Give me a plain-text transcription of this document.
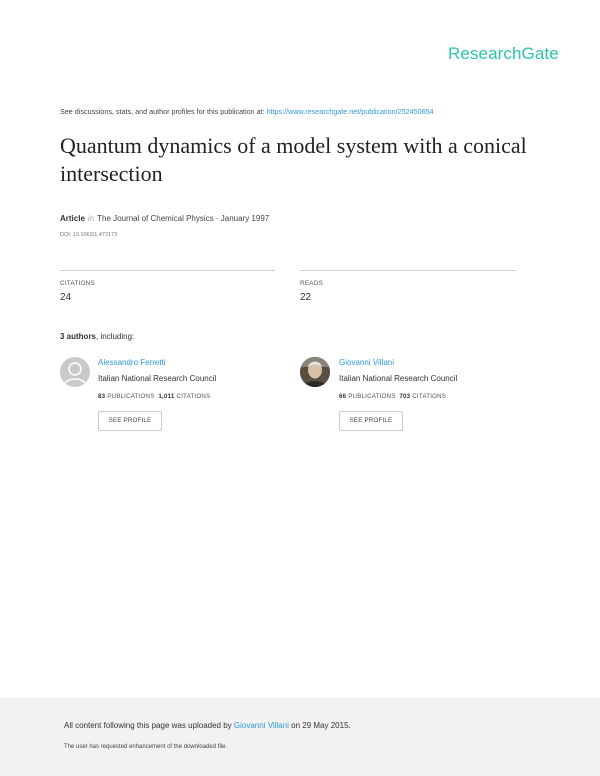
ResearchGate
See discussions, stats, and author profiles for this publication at: https://www.researchgate.net/publication/252450654
Quantum dynamics of a model system with a conical intersection
Article in The Journal of Chemical Physics · January 1997
DOI: 10.1063/1.473173
CITATIONS
24
READS
22
3 authors, including:
Alessandro Ferretti
Italian National Research Council
83 PUBLICATIONS 1,011 CITATIONS
SEE PROFILE
Giovanni Villani
Italian National Research Council
66 PUBLICATIONS 703 CITATIONS
SEE PROFILE
All content following this page was uploaded by Giovanni Villani on 29 May 2015.
The user has requested enhancement of the downloaded file.
